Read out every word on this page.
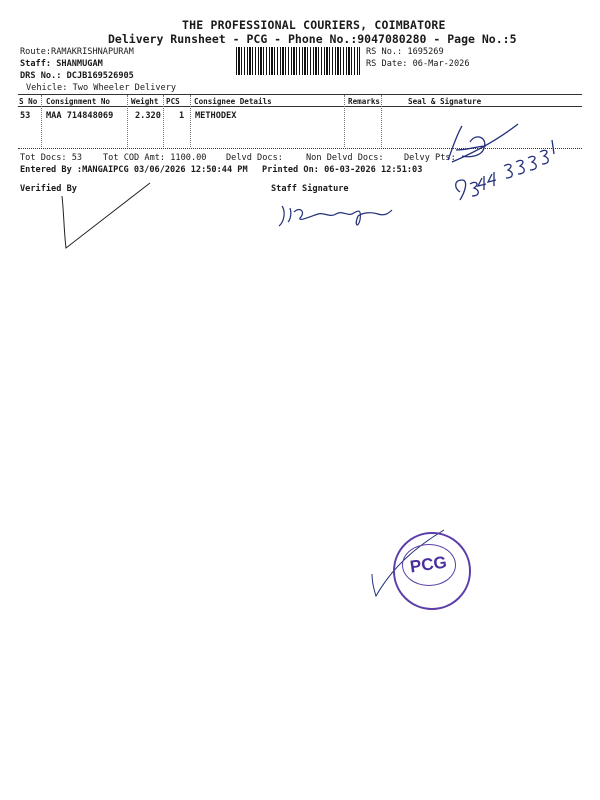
THE PROFESSIONAL COURIERS, COIMBATORE
Delivery Runsheet - PCG - Phone No.:9047080280 - Page No.:5
Route:RAMAKRISHNAPURAM
Staff: SHANMUGAM
DRS No.: DCJB169526905
Vehicle: Two Wheeler Delivery
RS No.: 1695269
RS Date: 06-Mar-2026
S No Consignment No	Weight PCS Consignee Details	Remarks	Seal & Signature
53 MAA 714848069	2.320 1 METHODEX
Tot Docs: 53 Tot COD Amt: 1100.00 Delvd Docs:	Non Delvd Docs: Delvy Pts:
Entered By :MANGAIPCG 03/06/2026 12:50:44 PM Printed On: 06-03-2026 12:51:03
Verified By	Staff Signature
PCG
